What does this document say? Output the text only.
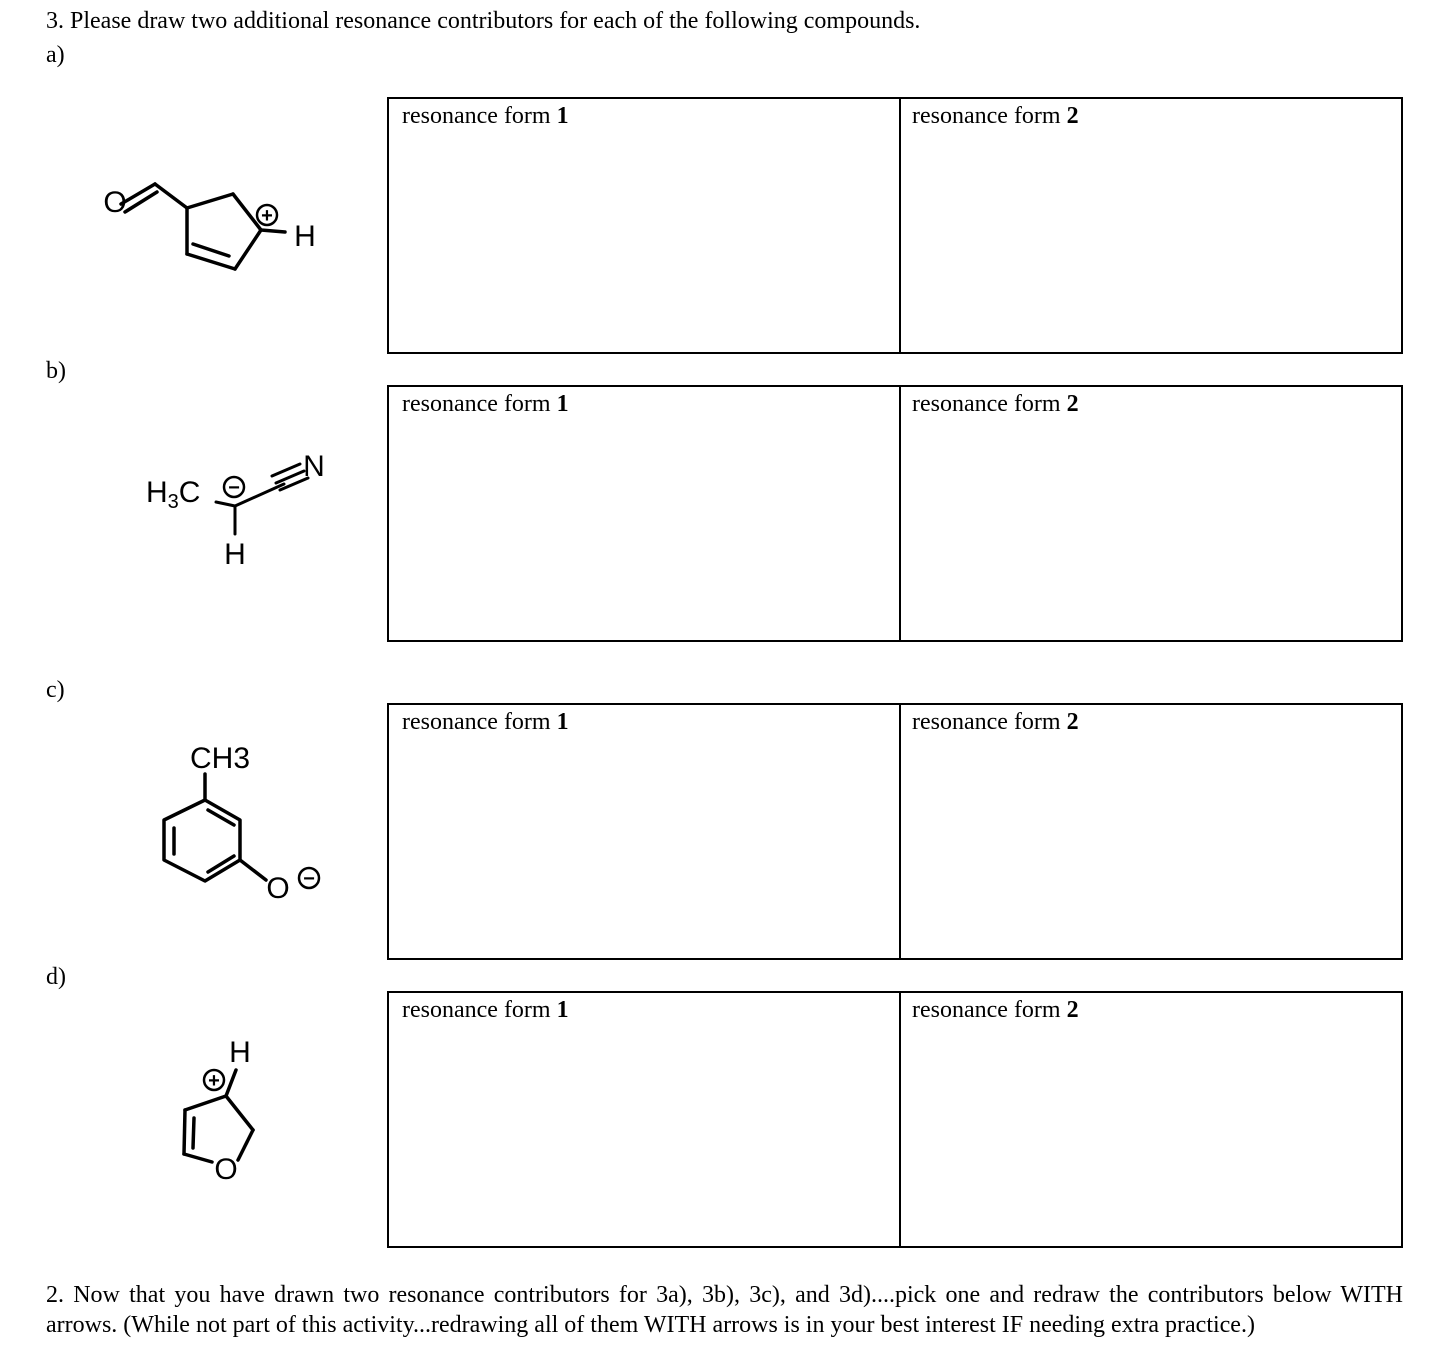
3. Please draw two additional resonance contributors for each of the following compounds.
a)
resonance form 1	resonance form 2
O
H
+
b)
resonance form 1	resonance form 2
$H_3C$
N
H
−
c)
resonance form 1	resonance form 2
CH3
O −
d)
resonance form 1	resonance form 2
H
O
+
2. Now that you have drawn two resonance contributors for 3a), 3b), 3c), and 3d)....pick one and redraw the contributors below WITH arrows. (While not part of this activity...redrawing all of them WITH arrows is in your best interest IF needing extra practice.)
